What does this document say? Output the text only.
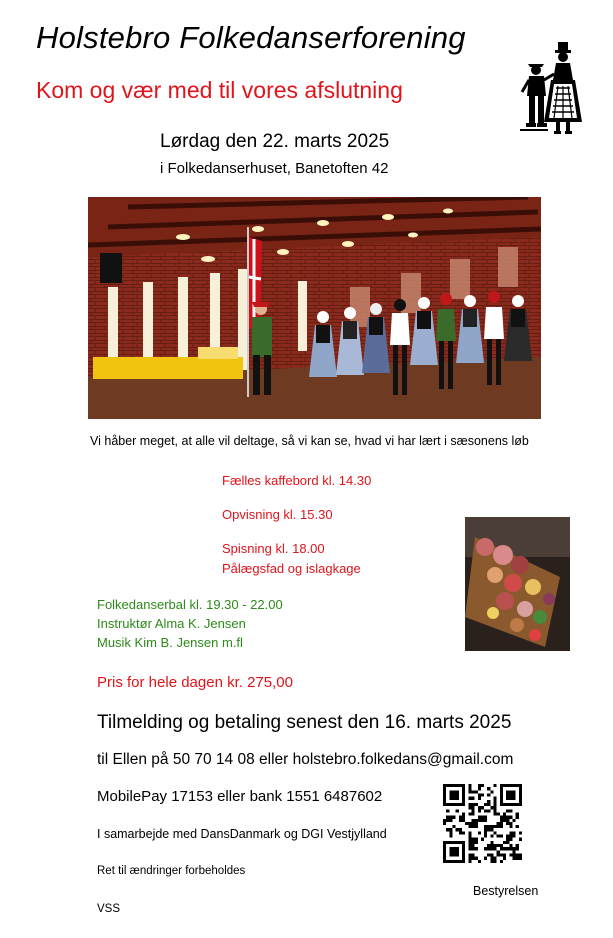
Holstebro Folkedanserforening
Kom og vær med til vores afslutning
Lørdag den 22. marts 2025
i Folkedanserhuset, Banetoften 42
Vi håber meget, at alle vil deltage, så vi kan se, hvad vi har lært i sæsonens løb
Fælles kaffebord kl. 14.30
Opvisning kl. 15.30
Spisning kl. 18.00
Pålægsfad og islagkage
Folkedanserbal kl. 19.30 - 22.00
Instruktør Alma K. Jensen
Musik Kim B. Jensen m.fl
Pris for hele dagen kr. 275,00
Tilmelding og betaling senest den 16. marts 2025
til Ellen på 50 70 14 08 eller holstebro.folkedans@gmail.com
MobilePay 17153 eller bank 1551 6487602
I samarbejde med DansDanmark og DGI Vestjylland
Ret til ændringer forbeholdes
Bestyrelsen
VSS
